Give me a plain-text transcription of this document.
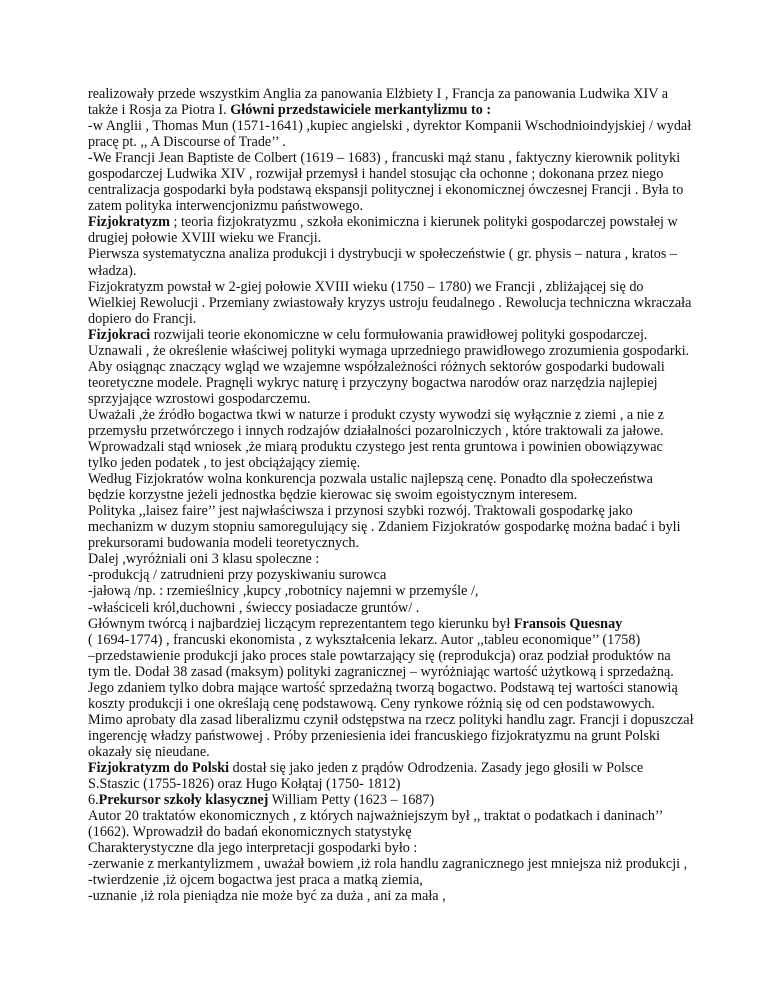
realizowały przede wszystkim Anglia za panowania Elżbiety I , Francja za panowania Ludwika XIV a
także i Rosja za Piotra I. Główni przedstawiciele merkantylizmu to :
-w Anglii , Thomas Mun (1571-1641) ,kupiec angielski , dyrektor Kompanii Wschodnioindyjskiej / wydał
pracę pt. ,, A Discourse of Trade’’ .
-We Francji Jean Baptiste de Colbert (1619 – 1683) , francuski mąż stanu , faktyczny kierownik polityki
gospodarczej Ludwika XIV , rozwijał przemysł i handel stosując cła ochonne ; dokonana przez niego
centralizacja gospodarki była podstawą ekspansji politycznej i ekonomicznej ówczesnej Francji . Była to
zatem polityka interwencjonizmu państwowego.
Fizjokratyzm ; teoria fizjokratyzmu , szkoła ekonimiczna i kierunek polityki gospodarczej powstałej w
drugiej połowie XVIII wieku we Francji.
Pierwsza systematyczna analiza produkcji i dystrybucji w społeczeństwie ( gr. physis – natura , kratos –
władza).
Fizjokratyzm powstał w 2-giej połowie XVIII wieku (1750 – 1780) we Francji , zbliżającej się do
Wielkiej Rewolucji . Przemiany zwiastowały kryzys ustroju feudalnego . Rewolucja techniczna wkraczała
dopiero do Francji.
Fizjokraci rozwijali teorie ekonomiczne w celu formułowania prawidłowej polityki gospodarczej.
Uznawali , że określenie właściwej polityki wymaga uprzedniego prawidłowego zrozumienia gospodarki.
Aby osiągnąc znaczący wgląd we wzajemne współzależności różnych sektorów gospodarki budowali
teoretyczne modele. Pragnęli wykryc naturę i przyczyny bogactwa narodów oraz narzędzia najlepiej
sprzyjające wzrostowi gospodarczemu.
Uważali ,że źródło bogactwa tkwi w naturze i produkt czysty wywodzi się wyłącznie z ziemi , a nie z
przemysłu przetwórczego i innych rodzajów działalności pozarolniczych , które traktowali za jałowe.
Wprowadzali stąd wniosek ,że miarą produktu czystego jest renta gruntowa i powinien obowiązywac
tylko jeden podatek , to jest obciążający ziemię.
Według Fizjokratów wolna konkurencja pozwala ustalic najlepszą cenę. Ponadto dla społeczeństwa
będzie korzystne jeżeli jednostka będzie kierowac się swoim egoistycznym interesem.
Polityka ,,laisez faire’’ jest najwłaściwsza i przynosi szybki rozwój. Traktowali gospodarkę jako
mechanizm w duzym stopniu samoregulujący się . Zdaniem Fizjokratów gospodarkę można badać i byli
prekursorami budowania modeli teoretycznych.
Dalej ,wyróżniali oni 3 klasu spoleczne :
-produkcją / zatrudnieni przy pozyskiwaniu surowca
-jałową /np. : rzemieślnicy ,kupcy ,robotnicy najemni w przemyśle /,
-właściceli król,duchowni , świeccy posiadacze gruntów/ .
Głównym twórcą i najbardziej liczącym reprezentantem tego kierunku był Fransois Quesnay
( 1694-1774) , francuski ekonomista , z wykształcenia lekarz. Autor ,,tableu economique’’ (1758)
–przedstawienie produkcji jako proces stale powtarzający się (reprodukcja) oraz podział produktów na
tym tle. Dodał 38 zasad (maksym) polityki zagranicznej – wyróżniając wartość użytkową i sprzedażną.
Jego zdaniem tylko dobra mające wartość sprzedażną tworzą bogactwo. Podstawą tej wartości stanowią
koszty produkcji i one określają cenę podstawową. Ceny rynkowe różnią się od cen podstawowych.
Mimo aprobaty dla zasad liberalizmu czynił odstępstwa na rzecz polityki handlu zagr. Francji i dopuszczał
ingerencję władzy państwowej . Próby przeniesienia idei francuskiego fizjokratyzmu na grunt Polski
okazały się nieudane.
Fizjokratyzm do Polski dostał się jako jeden z prądów Odrodzenia. Zasady jego głosili w Polsce
S.Staszic (1755-1826) oraz Hugo Kołątaj (1750- 1812)
6.Prekursor szkoły klasycznej William Petty (1623 – 1687)
Autor 20 traktatów ekonomicznych , z których najważniejszym był ,, traktat o podatkach i daninach’’
(1662). Wprowadził do badań ekonomicznych statystykę
Charakterystyczne dla jego interpretacji gospodarki było :
-zerwanie z merkantylizmem , uważał bowiem ,iż rola handlu zagranicznego jest mniejsza niż produkcji ,
-twierdzenie ,iż ojcem bogactwa jest praca a matką ziemia,
-uznanie ,iż rola pieniądza nie może być za duża , ani za mała ,
